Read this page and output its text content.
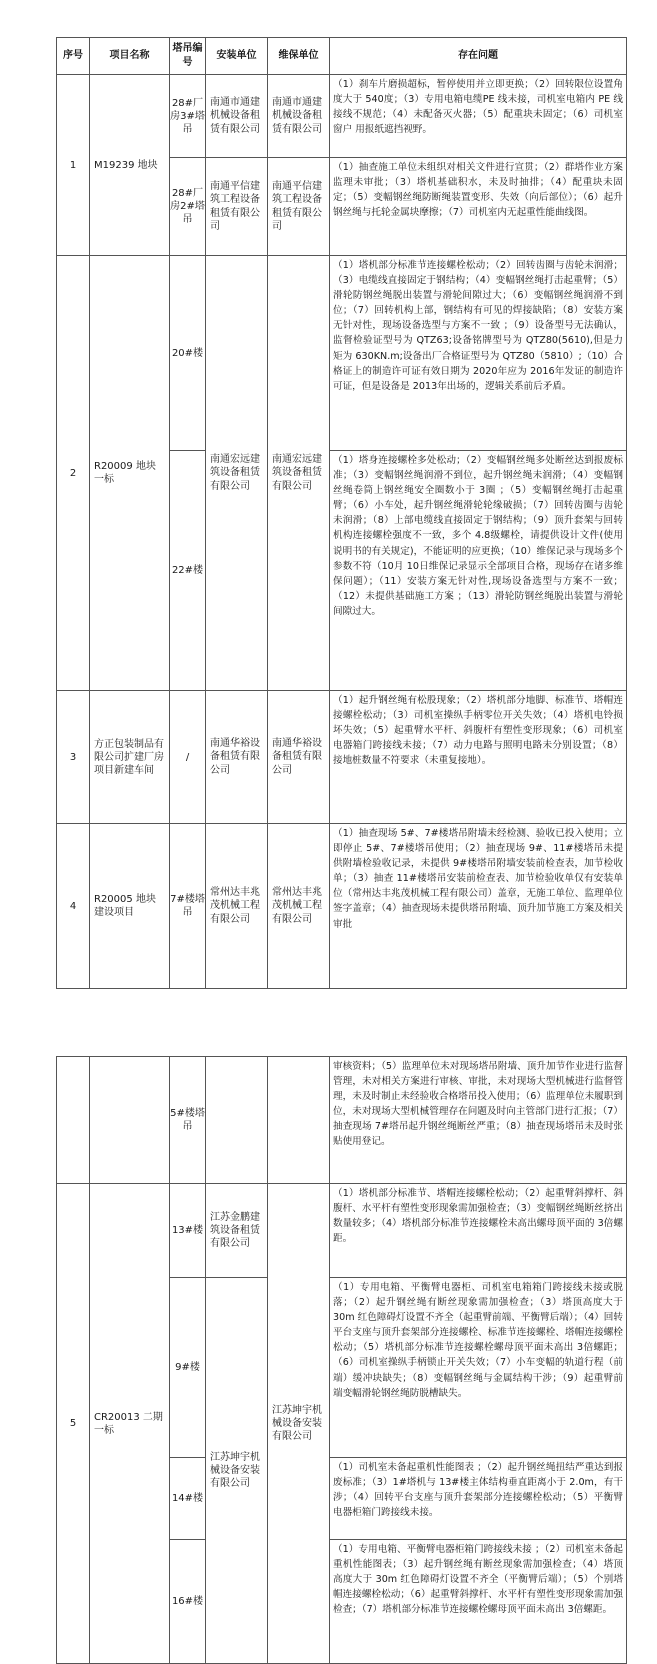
序号	项目名称	塔吊编号	安装单位	维保单位	存在问题
1	M19239 地块	28#厂房3#塔吊	南通市通建机械设备租赁有限公司	南通市通建机械设备租赁有限公司	（1）刹车片磨损超标，暂停使用并立即更换；（2）回转限位设置角度大于 540度；（3）专用电箱电缆PE 线未接，司机室电箱内 PE 线接线不规范；（4）未配备灭火器；（5）配重块未固定；（6）司机室窗户 用报纸遮挡视野。
		28#厂房2#塔吊	南通平信建筑工程设备租赁有限公司	南通平信建筑工程设备租赁有限公司	（1）抽查施工单位未组织对相关文件进行宣贯；（2）群塔作业方案监理未审批；（3）塔机基础积水，未及时抽排；（4）配重块未固定；（5）变幅钢丝绳防断绳装置变形、失效（向后部位）；（6）起升钢丝绳与托轮金属块摩擦；（7）司机室内无起重性能曲线图。
2	R20009 地块一标	20#楼	南通宏远建筑设备租赁有限公司	南通宏远建筑设备租赁有限公司	（1）塔机部分标准节连接螺栓松动；（2）回转齿圈与齿轮未润滑；（3）电缆线直接固定于钢结构；（4）变幅钢丝绳打击起重臂；（5）滑轮防钢丝绳脱出装置与滑轮间隙过大；（6）变幅钢丝绳润滑不到位；（7）回转机构上部，钢结构有可见的焊接缺陷；（8）安装方案无针对性，现场设备选型与方案不一致 ；（9）设备型号无法确认，监督检验证型号为 QTZ63;设备铭牌型号为 QTZ80(5610),但是力矩为 630KN.m;设备出厂合格证型号为 QTZ80（5810）;（10）合格证上的制造许可证有效日期为 2020年应为 2016年发证的制造许可证，但是设备是 2013年出场的，逻辑关系前后矛盾。
		22#楼			（1）塔身连接螺栓多处松动；（2）变幅钢丝绳多处断丝达到报废标准；（3）变幅钢丝绳润滑不到位，起升钢丝绳未润滑；（4）变幅钢丝绳卷筒上钢丝绳安全圈数小于 3圈 ；（5）变幅钢丝绳打击起重臂；（6）小车处，起升钢丝绳滑轮轮缘破损；（7）回转齿圈与齿轮未润滑；（8）上部电缆线直接固定于钢结构；（9）顶升套架与回转机构连接螺栓强度不一致，多个 4.8级螺栓，请提供设计文件(使用说明书的有关规定)，不能证明的应更换；（10）维保记录与现场多个参数不符（10月 10日维保记录显示全部项目合格，现场存在诸多维保问题）；（11）安装方案无针对性,现场设备选型与方案不一致；（12）未提供基础施工方案 ；（13）滑轮防钢丝绳脱出装置与滑轮间隙过大。
3	方正包装制品有限公司扩建厂房项目新建车间	/	南通华裕设备租赁有限公司	南通华裕设备租赁有限公司	（1）起升钢丝绳有松股现象；（2）塔机部分地脚、标准节、塔帽连接螺栓松动；（3）司机室操纵手柄零位开关失效；（4）塔机电铃损坏失效；（5）起重臂水平杆、斜腹杆有塑性变形现象；（6）司机室电器箱门跨接线未接；（7）动力电路与照明电路未分别设置；（8）接地桩数量不符要求（未重复接地）。
4	R20005 地块建设项目	7#楼塔吊	常州达丰兆茂机械工程有限公司	常州达丰兆茂机械工程有限公司	（1）抽查现场 5#、7#楼塔吊附墙未经检测、验收已投入使用；立即停止 5#、7#楼塔吊使用；（2）抽查现场 9#、11#楼塔吊未提供附墙检验收记录，未提供 9#楼塔吊附墙安装前检查表，加节检收单；（3）抽查 11#楼塔吊安装前检查表、加节检验收单仅有安装单位（常州达丰兆茂机械工程有限公司）盖章，无施工单位、监理单位签字盖章；（4）抽查现场未提供塔吊附墙、顶升加节施工方案及相关审批
		5#楼塔吊			审核资料；（5）监理单位未对现场塔吊附墙、顶升加节作业进行监督管理，未对相关方案进行审核、审批，未对现场大型机械进行监督管理，未及时制止未经验收合格塔吊投入使用；（6）监理单位未履职到位，未对现场大型机械管理存在问题及时向主管部门进行汇报；（7）抽查现场 7#塔吊起升钢丝绳断丝严重；（8）抽查现场塔吊未及时张贴使用登记。
5	CR20013 二期一标	13#楼	江苏金鹏建筑设备租赁有限公司	江苏坤宇机械设备安装有限公司	（1）塔机部分标准节、塔帽连接螺栓松动；（2）起重臂斜撑杆、斜腹杆、水平杆有塑性变形现象需加强检查；（3）变幅钢丝绳断丝挤出数量较多；（4）塔机部分标准节连接螺栓未高出螺母顶平面的 3倍螺距。
		9#楼	江苏坤宇机械设备安装有限公司		（1）专用电箱、平衡臂电器柜、司机室电箱箱门跨接线未接或脱落；（2）起升钢丝绳有断丝现象需加强检查；（3）塔顶高度大于 30m 红色障碍灯设置不齐全（起重臂前端、平衡臂后端）；（4）回转平台支座与顶升套架部分连接螺栓、标准节连接螺栓、塔帽连接螺栓松动；（5）塔机部分标准节连接螺栓螺母顶平面未高出 3倍螺距；（6）司机室操纵手柄锁止开关失效；（7）小车变幅的轨道行程（前端）缓冲块缺失；（8）变幅钢丝绳与金属结构干涉；（9）起重臂前端变幅滑轮钢丝绳防脱槽缺失。
		14#楼			（1）司机室未备起重机性能图表 ；（2）起升钢丝绳扭结严重达到报废标准；（3）1#塔机与 13#楼主体结构垂直距离小于 2.0m，有干涉；（4）回转平台支座与顶升套架部分连接螺栓松动；（5）平衡臂电器柜箱门跨接线未接。
		16#楼			（1）专用电箱、平衡臂电器柜箱门跨接线未接 ；（2）司机室未备起重机性能图表；（3）起升钢丝绳有断丝现象需加强检查；（4）塔顶高度大于 30m 红色障碍灯设置不齐全（平衡臂后端）；（5）个别塔帽连接螺栓松动；（6）起重臂斜撑杆、水平杆有塑性变形现象需加强检查；（7）塔机部分标准节连接螺栓螺母顶平面未高出 3倍螺距。
